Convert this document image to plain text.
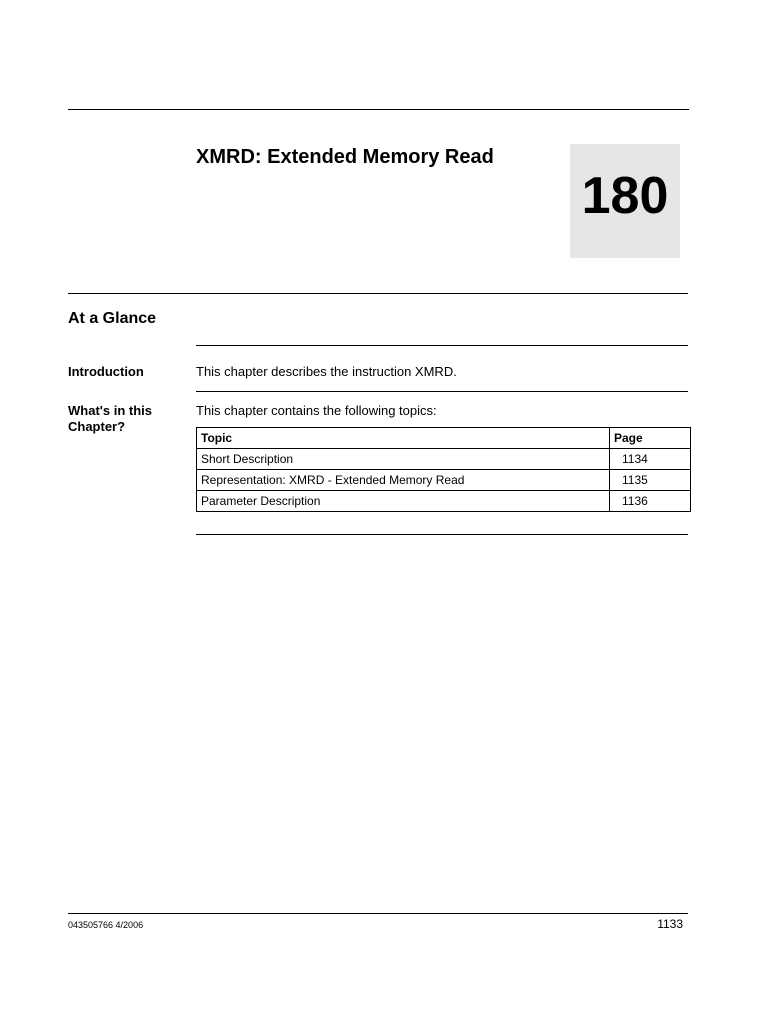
XMRD: Extended Memory Read
180
At a Glance
Introduction	This chapter describes the instruction XMRD.
What's in this Chapter?
This chapter contains the following topics:
Topic	Page
Short Description	1134
Representation: XMRD - Extended Memory Read	1135
Parameter Description	1136
043505766 4/2006	1133
